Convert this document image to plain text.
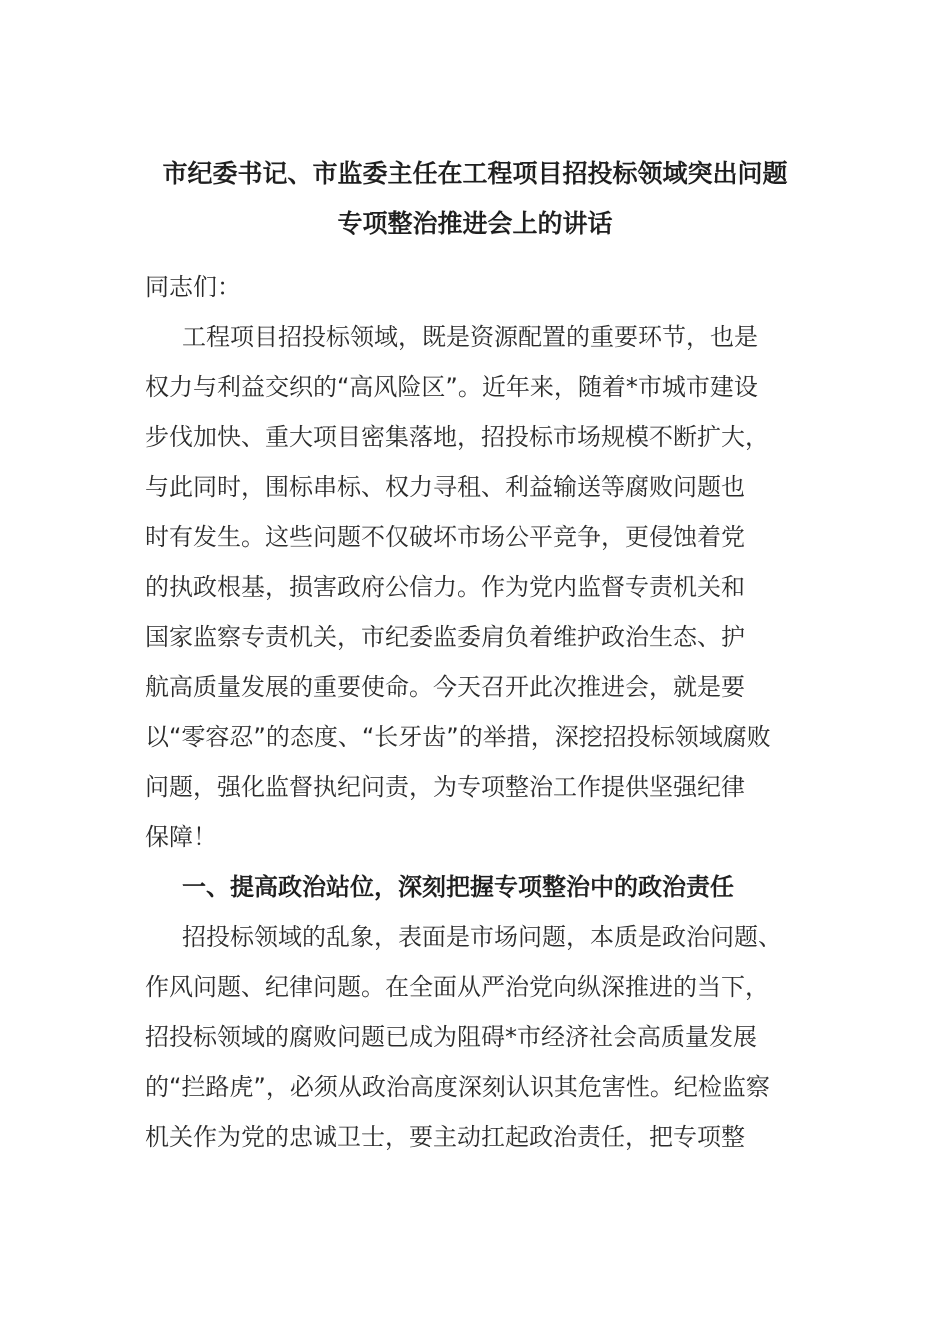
市纪委书记、市监委主任在工程项目招投标领域突出问题
专项整治推进会上的讲话
同志们：
工程项目招投标领域，既是资源配置的重要环节，也是
权力与利益交织的“高风险区”。近年来，随着*市城市建设
步伐加快、重大项目密集落地，招投标市场规模不断扩大，
与此同时，围标串标、权力寻租、利益输送等腐败问题也
时有发生。这些问题不仅破坏市场公平竞争，更侵蚀着党
的执政根基，损害政府公信力。作为党内监督专责机关和
国家监察专责机关，市纪委监委肩负着维护政治生态、护
航高质量发展的重要使命。今天召开此次推进会，就是要
以“零容忍”的态度、“长牙齿”的举措，深挖招投标领域腐败
问题，强化监督执纪问责，为专项整治工作提供坚强纪律
保障！
一、提高政治站位，深刻把握专项整治中的政治责任
招投标领域的乱象，表面是市场问题，本质是政治问题、
作风问题、纪律问题。在全面从严治党向纵深推进的当下，
招投标领域的腐败问题已成为阻碍*市经济社会高质量发展
的“拦路虎”，必须从政治高度深刻认识其危害性。纪检监察
机关作为党的忠诚卫士，要主动扛起政治责任，把专项整
